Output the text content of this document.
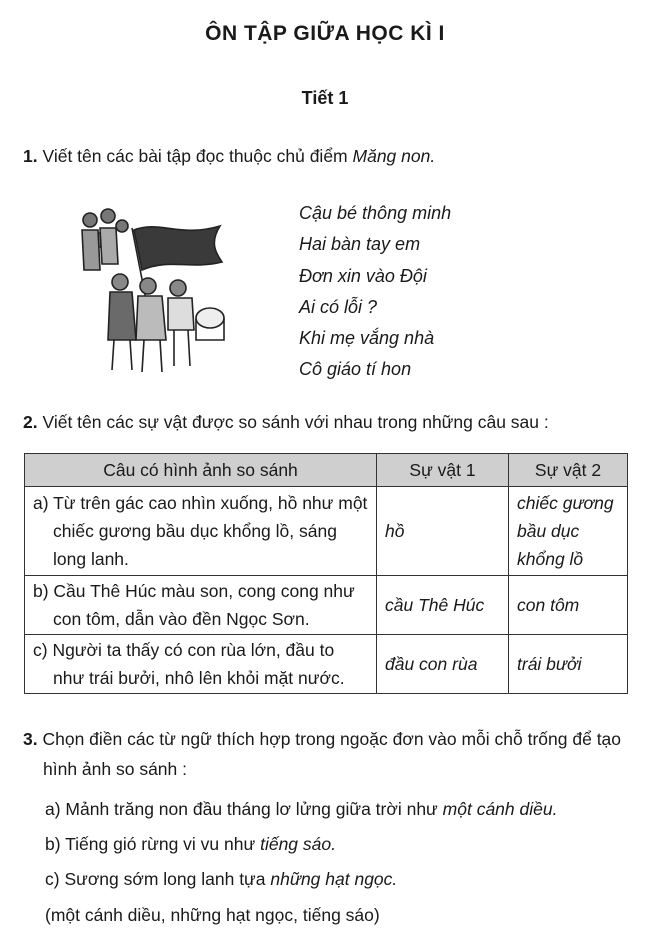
ÔN TẬP GIỮA HỌC KÌ I
Tiết 1
1. Viết tên các bài tập đọc thuộc chủ điểm Măng non.
Cậu bé thông minh
Hai bàn tay em
Đơn xin vào Đội
Ai có lỗi ?
Khi mẹ vắng nhà
Cô giáo tí hon
2. Viết tên các sự vật được so sánh với nhau trong những câu sau :
Câu có hình ảnh so sánh	Sự vật 1	Sự vật 2

a) Từ trên gác cao nhìn xuống, hồ như một chiếc gương bầu dục khổng lồ, sáng long lanh.	hồ	chiếc gương bầu dục khổng lồ

b) Cầu Thê Húc màu son, cong cong như con tôm, dẫn vào đền Ngọc Sơn.	cầu Thê Húc	con tôm

c) Người ta thấy có con rùa lớn, đầu to như trái bưởi, nhô lên khỏi mặt nước.	đầu con rùa	trái bưởi
3. Chọn điền các từ ngữ thích hợp trong ngoặc đơn vào mỗi chỗ trống để tạo hình ảnh so sánh :
a) Mảnh trăng non đầu tháng lơ lửng giữa trời như một cánh diều.
b) Tiếng gió rừng vi vu như tiếng sáo.
c) Sương sớm long lanh tựa những hạt ngọc.
(một cánh diều, những hạt ngọc, tiếng sáo)
